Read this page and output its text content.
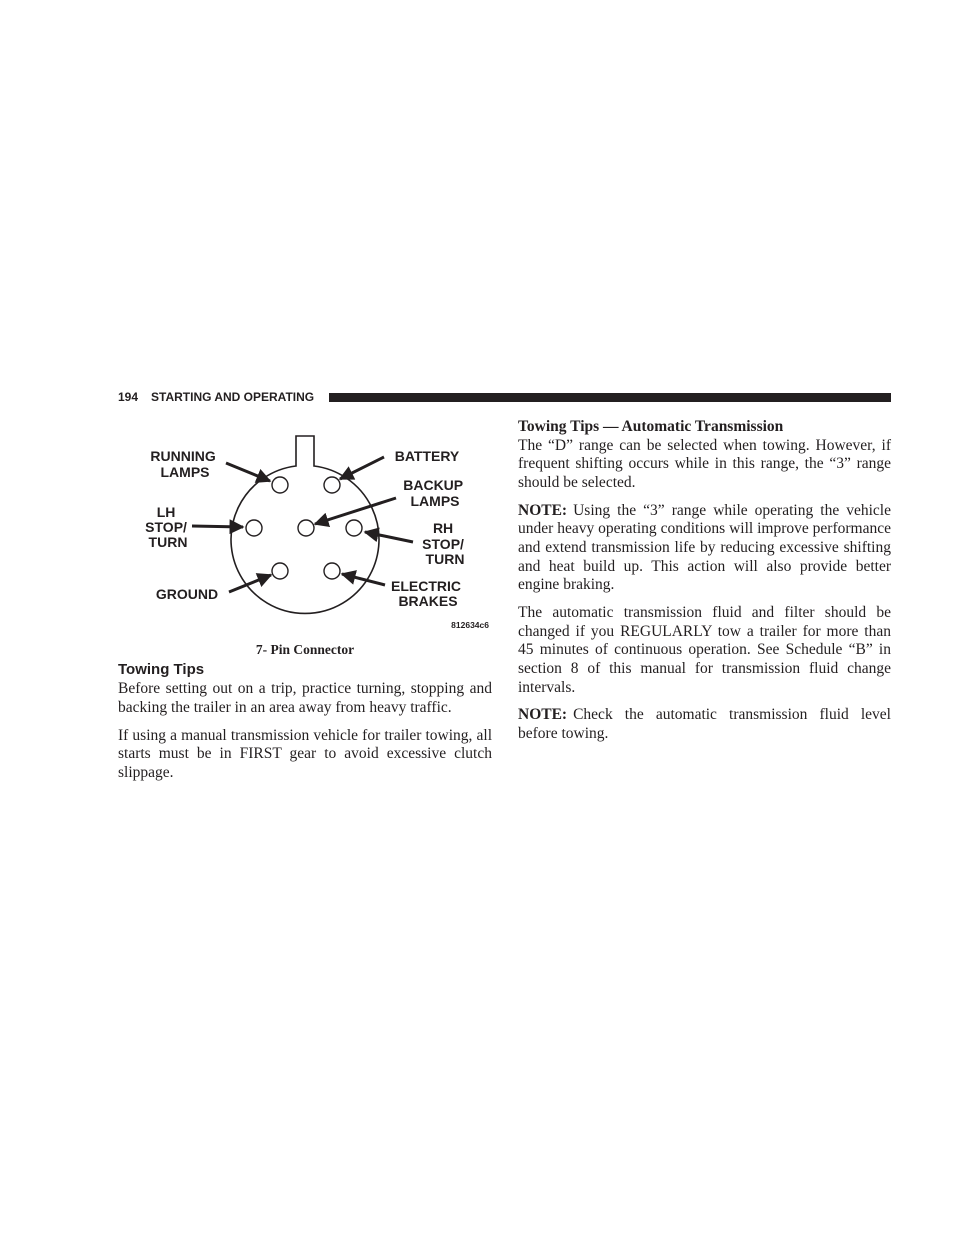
194 STARTING AND OPERATING
RUNNING LAMPS
BATTERY
BACKUP LAMPS
LH STOP/ TURN
RH STOP/ TURN
GROUND	ELECTRIC BRAKES
812634c6
7- Pin Connector
Towing Tips

Before setting out on a trip, practice turning, stopping and backing the trailer in an area away from heavy traffic.

If using a manual transmission vehicle for trailer towing, all starts must be in FIRST gear to avoid excessive clutch slippage.

Towing Tips — Automatic Transmission

The “D” range can be selected when towing. However, if frequent shifting occurs while in this range, the “3” range should be selected.

NOTE: Using the “3” range while operating the vehicle under heavy operating conditions will improve performance and extend transmission life by reducing excessive shifting and heat build up. This action will also provide better engine braking.

The automatic transmission fluid and filter should be changed if you REGULARLY tow a trailer for more than 45 minutes of continuous operation. See Schedule “B” in section 8 of this manual for transmission fluid change intervals.

NOTE: Check the automatic transmission fluid level before towing.
